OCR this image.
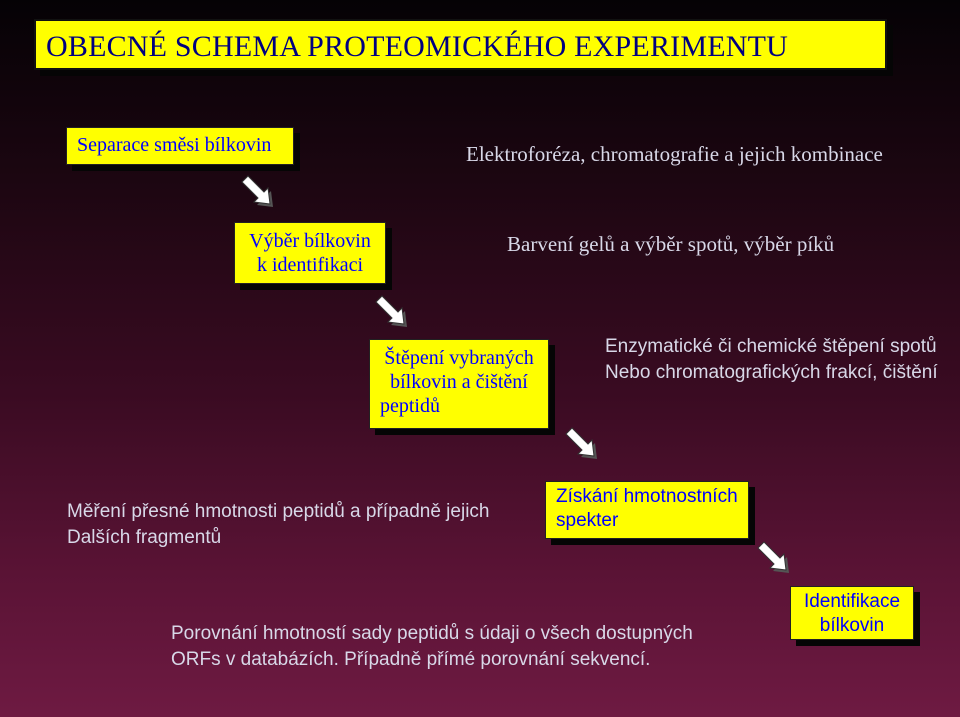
OBECNÉ SCHEMA PROTEOMICKÉHO EXPERIMENTU
Separace směsi bílkovin	Elektroforéza, chromatografie a jejich kombinace
Výběr bílkovin
k identifikaci
Barvení gelů a výběr spotů, výběr píků
Štěpení vybraných
bílkovin a čištění
peptidů
Enzymatické či chemické štěpení spotů
Nebo chromatografických frakcí, čištění
Měření přesné hmotnosti peptidů a případně jejich
Dalších fragmentů
Získání hmotnostních
spekter
Porovnání hmotností sady peptidů s údaji o všech dostupných
ORFs v databázích. Případně přímé porovnání sekvencí.
Identifikace
bílkovin
